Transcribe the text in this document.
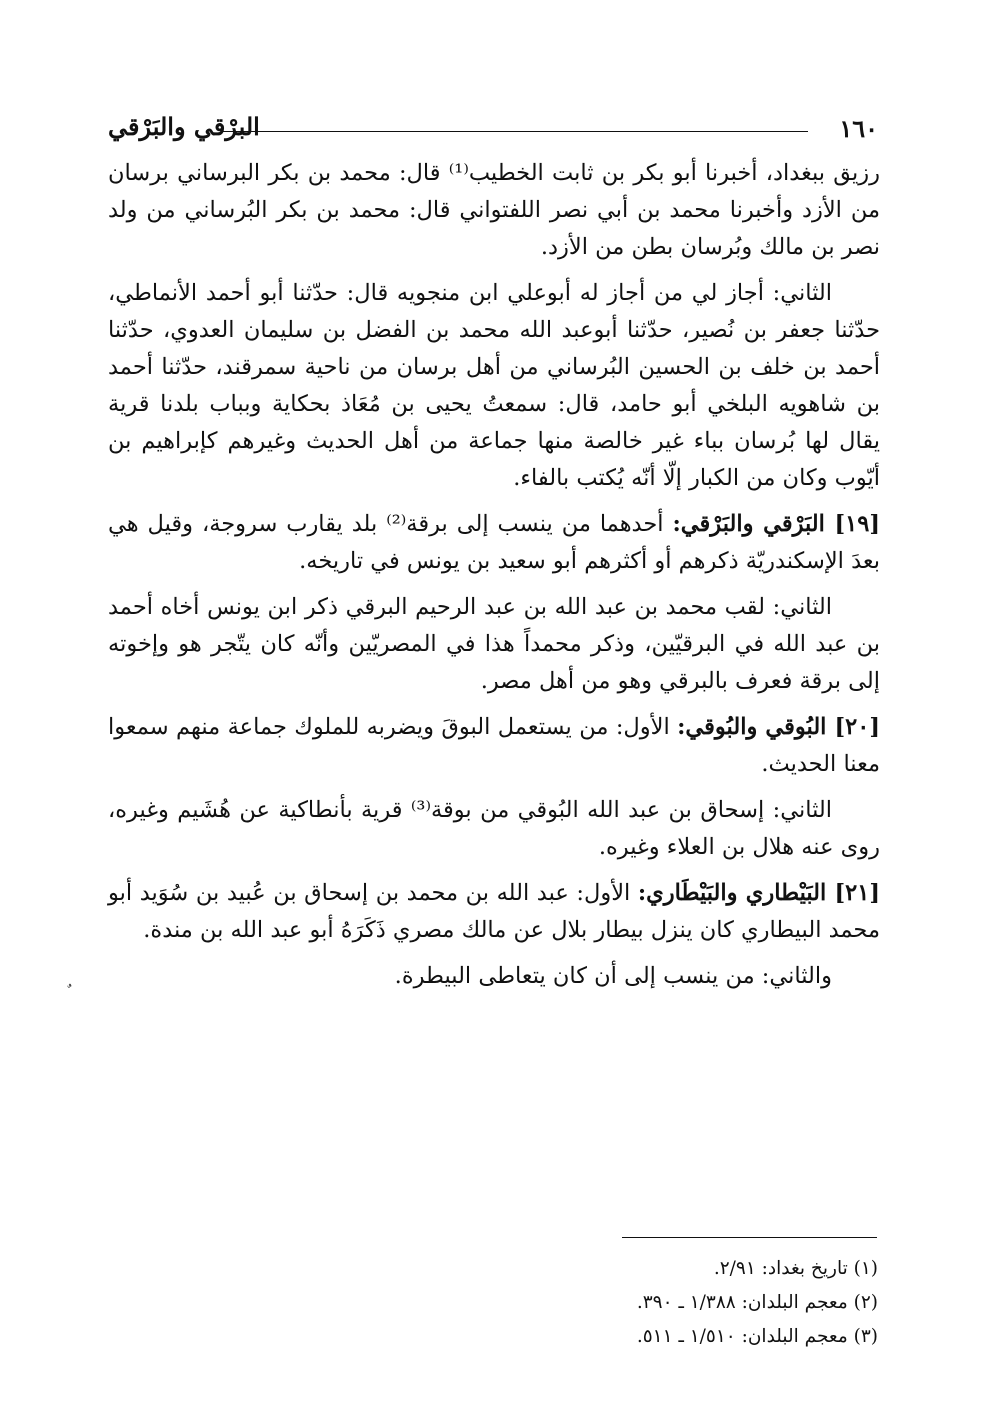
١٦٠
البرْقي والبَرْقي

رزيق ببغداد، أخبرنا أبو بكر بن ثابت الخطيب⁽¹⁾ قال: محمد بن بكر البرساني برسان من الأزد وأخبرنا محمد بن أبي نصر اللفتواني قال: محمد بن بكر البُرساني من ولد نصر بن مالك وبُرسان بطن من الأزد.

الثاني: أجاز لي من أجاز له أبوعلي ابن منجويه قال: حدّثنا أبو أحمد الأنماطي، حدّثنا جعفر بن نُصير، حدّثنا أبوعبد الله محمد بن الفضل بن سليمان العدوي، حدّثنا أحمد بن خلف بن الحسين البُرساني من أهل برسان من ناحية سمرقند، حدّثنا أحمد بن شاهويه البلخي أبو حامد، قال: سمعتُ يحيى بن مُعَاذ بحكاية وبباب بلدنا قرية يقال لها بُرسان بباء غير خالصة منها جماعة من أهل الحديث وغيرهم كإبراهيم بن أيّوب وكان من الكبار إلّا أنّه يُكتب بالفاء.

[١٩] البَرْقي والبَرْقي: أحدهما من ينسب إلى برقة⁽²⁾ بلد يقارب سروجة، وقيل هي بعدَ الإسكندريّة ذكرهم أو أكثرهم أبو سعيد بن يونس في تاريخه.

الثاني: لقب محمد بن عبد الله بن عبد الرحيم البرقي ذكر ابن يونس أخاه أحمد بن عبد الله في البرقيّين، وذكر محمداً هذا في المصريّين وأنّه كان يتّجر هو وإخوته إلى برقة فعرف بالبرقي وهو من أهل مصر.

[٢٠] البُوقي والبُوقي: الأول: من يستعمل البوقَ ويضربه للملوك جماعة منهم سمعوا معنا الحديث.

الثاني: إسحاق بن عبد الله البُوقي من بوقة⁽³⁾ قرية بأنطاكية عن هُشَيم وغيره، روى عنه هلال بن العلاء وغيره.

[٢١] البَيْطاري والبَيْطَاري: الأول: عبد الله بن محمد بن إسحاق بن عُبيد بن سُوَيد أبو محمد البيطاري كان ينزل بيطار بلال عن مالك مصري ذَكَرَهُ أبو عبد الله بن مندة.

والثاني: من ينسب إلى أن كان يتعاطى البيطرة.

(١) تاريخ بغداد: ٢/٩١.
(٢) معجم البلدان: ١/٣٨٨ ـ ٣٩٠.
(٣) معجم البلدان: ١/٥١٠ ـ ٥١١.
